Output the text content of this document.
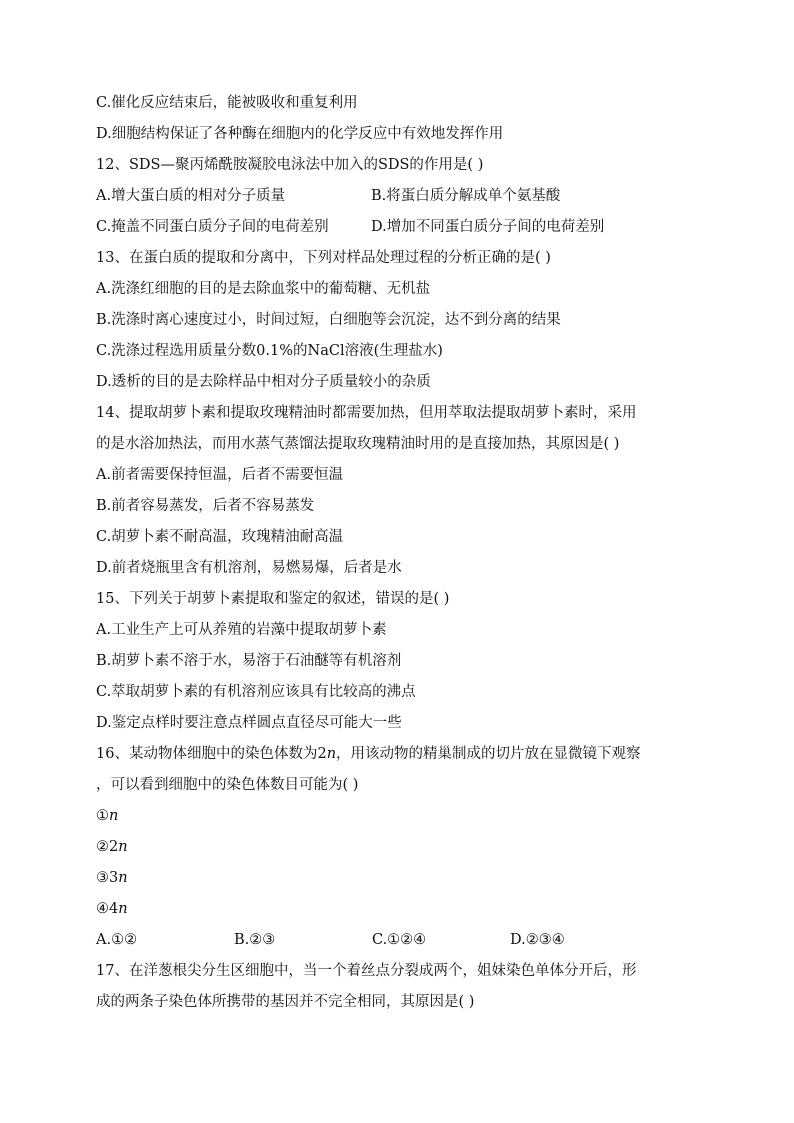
C.催化反应结束后，能被吸收和重复利用
D.细胞结构保证了各种酶在细胞内的化学反应中有效地发挥作用
12、SDS—聚丙烯酰胺凝胶电泳法中加入的SDS的作用是( )
A.增大蛋白质的相对分子质量	B.将蛋白质分解成单个氨基酸
C.掩盖不同蛋白质分子间的电荷差别	D.增加不同蛋白质分子间的电荷差别
13、在蛋白质的提取和分离中，下列对样品处理过程的分析正确的是( )
A.洗涤红细胞的目的是去除血浆中的葡萄糖、无机盐
B.洗涤时离心速度过小，时间过短，白细胞等会沉淀，达不到分离的结果
C.洗涤过程选用质量分数0.1%的NaCl溶液(生理盐水)
D.透析的目的是去除样品中相对分子质量较小的杂质
14、提取胡萝卜素和提取玫瑰精油时都需要加热，但用萃取法提取胡萝卜素时，采用
的是水浴加热法，而用水蒸气蒸馏法提取玫瑰精油时用的是直接加热，其原因是( )
A.前者需要保持恒温，后者不需要恒温
B.前者容易蒸发，后者不容易蒸发
C.胡萝卜素不耐高温，玫瑰精油耐高温
D.前者烧瓶里含有机溶剂，易燃易爆，后者是水
15、下列关于胡萝卜素提取和鉴定的叙述，错误的是( )
A.工业生产上可从养殖的岩藻中提取胡萝卜素
B.胡萝卜素不溶于水，易溶于石油醚等有机溶剂
C.萃取胡萝卜素的有机溶剂应该具有比较高的沸点
D.鉴定点样时要注意点样圆点直径尽可能大一些
16、某动物体细胞中的染色体数为2n，用该动物的精巢制成的切片放在显微镜下观察
，可以看到细胞中的染色体数目可能为( )
①n
②2n
③3n
④4n
A.①②	B.②③	C.①②④	D.②③④
17、在洋葱根尖分生区细胞中，当一个着丝点分裂成两个，姐妹染色单体分开后，形
成的两条子染色体所携带的基因并不完全相同，其原因是( )
